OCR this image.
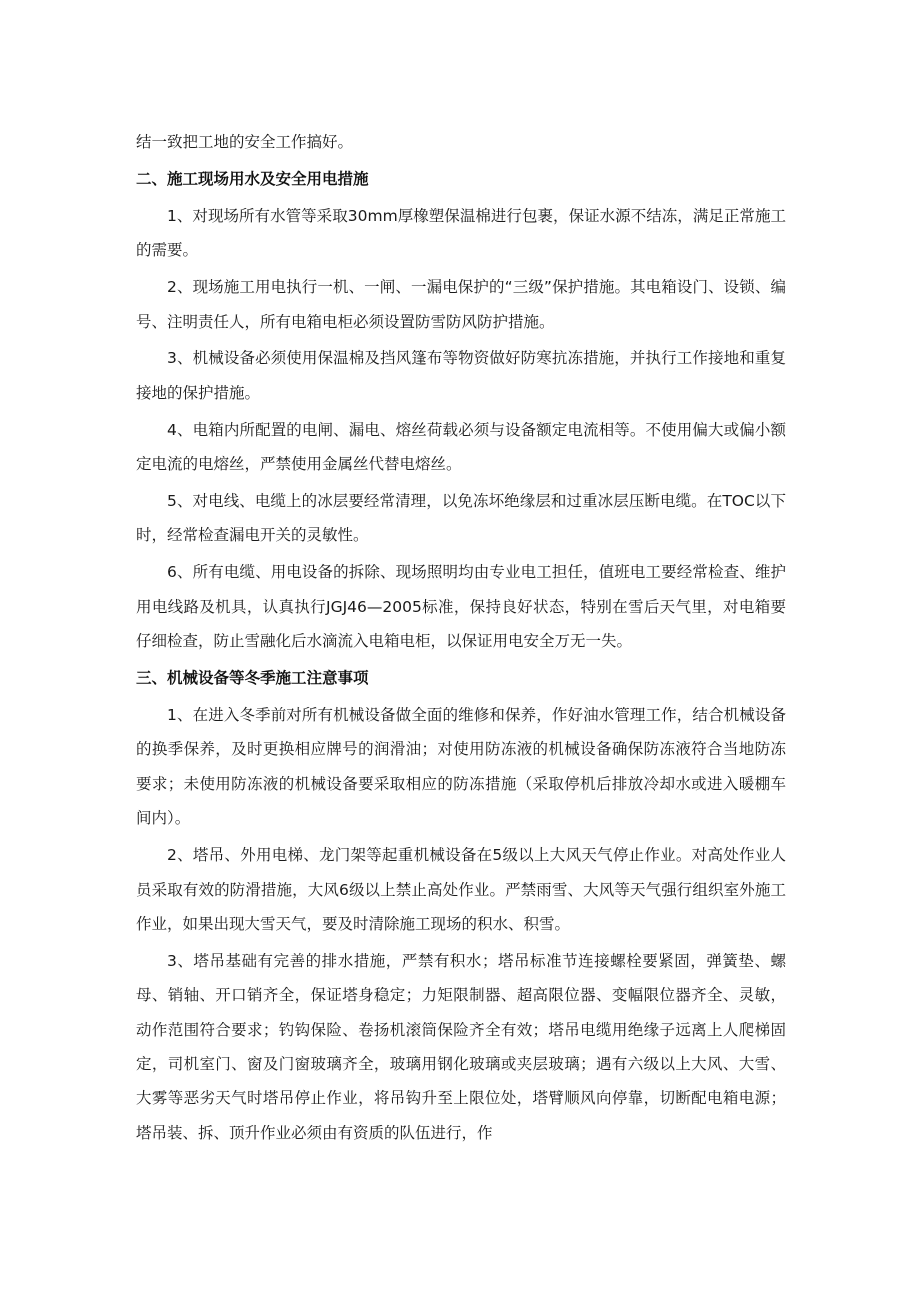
结一致把工地的安全工作搞好。

二、施工现场用水及安全用电措施

1、对现场所有水管等采取30mm厚橡塑保温棉进行包裹，保证水源不结冻，满足正常施工的需要。

2、现场施工用电执行一机、一闸、一漏电保护的“三级”保护措施。其电箱设门、设锁、编号、注明责任人，所有电箱电柜必须设置防雪防风防护措施。

3、机械设备必须使用保温棉及挡风篷布等物资做好防寒抗冻措施，并执行工作接地和重复接地的保护措施。

4、电箱内所配置的电闸、漏电、熔丝荷载必须与设备额定电流相等。不使用偏大或偏小额定电流的电熔丝，严禁使用金属丝代替电熔丝。

5、对电线、电缆上的冰层要经常清理，以免冻坏绝缘层和过重冰层压断电缆。在TOC以下时，经常检查漏电开关的灵敏性。

6、所有电缆、用电设备的拆除、现场照明均由专业电工担任，值班电工要经常检查、维护用电线路及机具，认真执行JGJ46—2005标准，保持良好状态，特别在雪后天气里，对电箱要仔细检查，防止雪融化后水滴流入电箱电柜，以保证用电安全万无一失。

三、机械设备等冬季施工注意事项

1、在进入冬季前对所有机械设备做全面的维修和保养，作好油水管理工作，结合机械设备的换季保养，及时更换相应牌号的润滑油；对使用防冻液的机械设备确保防冻液符合当地防冻要求；未使用防冻液的机械设备要采取相应的防冻措施（采取停机后排放冷却水或进入暖棚车间内）。

2、塔吊、外用电梯、龙门架等起重机械设备在5级以上大风天气停止作业。对高处作业人员采取有效的防滑措施，大风6级以上禁止高处作业。严禁雨雪、大风等天气强行组织室外施工作业，如果出现大雪天气，要及时清除施工现场的积水、积雪。

3、塔吊基础有完善的排水措施，严禁有积水；塔吊标准节连接螺栓要紧固，弹簧垫、螺母、销轴、开口销齐全，保证塔身稳定；力矩限制器、超高限位器、变幅限位器齐全、灵敏，动作范围符合要求；钓钩保险、卷扬机滚筒保险齐全有效；塔吊电缆用绝缘子远离上人爬梯固定，司机室门、窗及门窗玻璃齐全，玻璃用钢化玻璃或夹层玻璃；遇有六级以上大风、大雪、大雾等恶劣天气时塔吊停止作业，将吊钩升至上限位处，塔臂顺风向停靠，切断配电箱电源；塔吊装、拆、顶升作业必须由有资质的队伍进行，作
